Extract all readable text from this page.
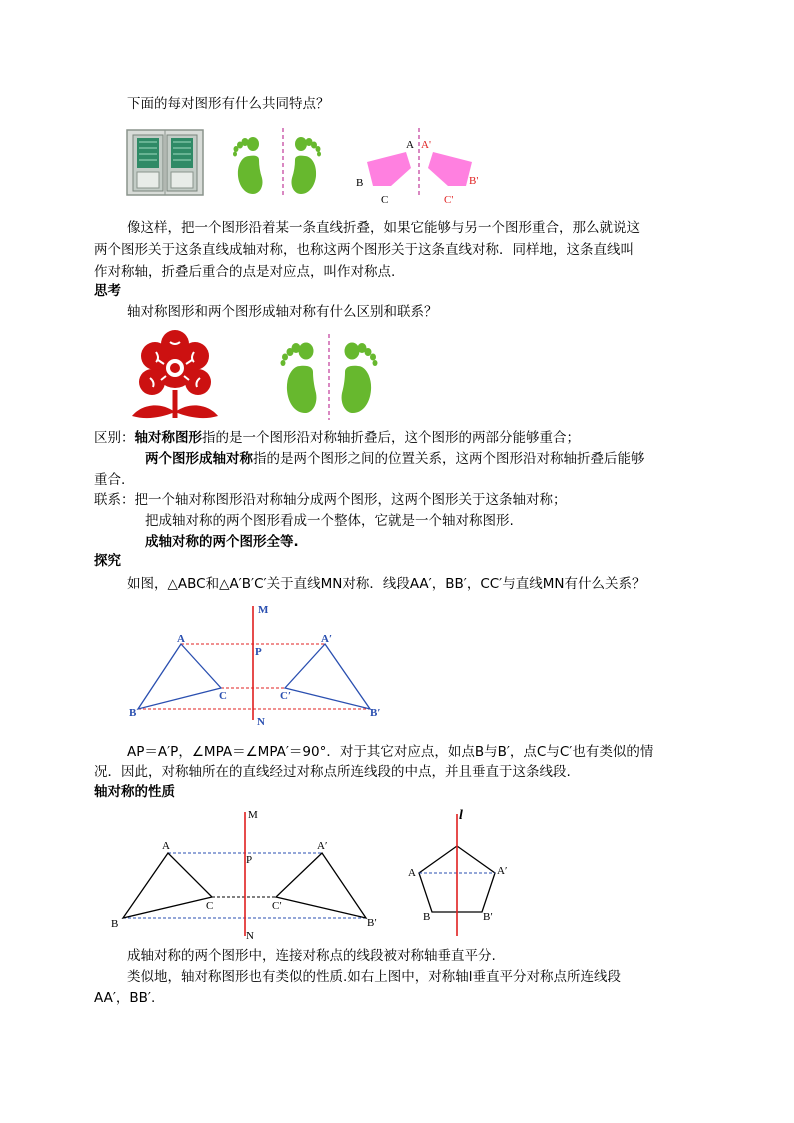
下面的每对图形有什么共同特点？
A A'
B	B'
C	C'
像这样，把一个图形沿着某一条直线折叠，如果它能够与另一个图形重合，那么就说这
两个图形关于这条直线成轴对称，也称这两个图形关于这条直线对称．同样地，这条直线叫
作对称轴，折叠后重合的点是对应点，叫作对称点.
思考
轴对称图形和两个图形成轴对称有什么区别和联系？
区别：轴对称图形指的是一个图形沿对称轴折叠后，这个图形的两部分能够重合；
两个图形成轴对称指的是两个图形之间的位置关系，这两个图形沿对称轴折叠后能够
重合.
联系：把一个轴对称图形沿对称轴分成两个图形，这两个图形关于这条轴对称；
把成轴对称的两个图形看成一个整体，它就是一个轴对称图形.
成轴对称的两个图形全等.
探究
如图，△ABC和△A′B′C′关于直线MN对称．线段AA′，BB′，CC′与直线MN有什么关系？
M
N
P
A	A′
B	B′
C	C′
AP＝A′P，∠MPA＝∠MPA′＝90°．对于其它对应点，如点B与B′，点C与C′也有类似的情
况．因此，对称轴所在的直线经过对称点所连线段的中点，并且垂直于这条线段.
轴对称的性质
M
N
P
A	A′
B	B′
C	C′
l
A	A′
B	B′
成轴对称的两个图形中，连接对称点的线段被对称轴垂直平分.
类似地，轴对称图形也有类似的性质.如右上图中，对称轴l垂直平分对称点所连线段
AA′，BB′.
